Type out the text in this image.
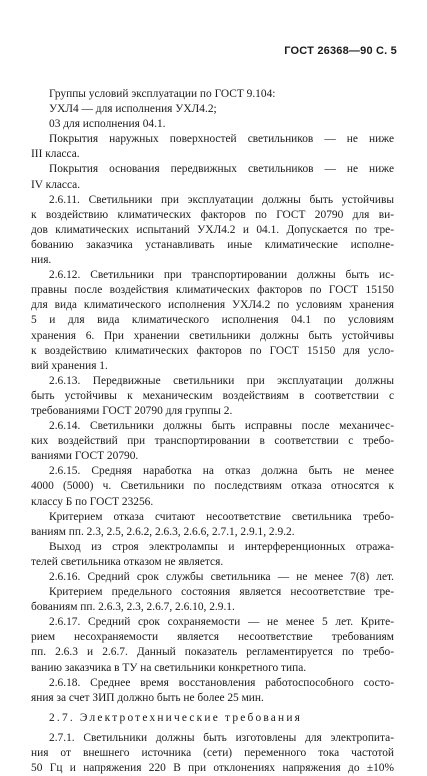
ГОСТ 26368—90 С. 5
Группы условий эксплуатации по ГОСТ 9.104:
УХЛ4 — для исполнения УХЛ4.2;
03 для исполнения 04.1.
Покрытия наружных поверхностей светильников — не ниже
III класса.
Покрытия основания передвижных светильников — не ниже
IV класса.
2.6.11. Светильники при эксплуатации должны быть устойчивы
к воздействию климатических факторов по ГОСТ 20790 для ви-
дов климатических испытаний УХЛ4.2 и 04.1. Допускается по тре-
бованию заказчика устанавливать иные климатические исполне-
ния.
2.6.12. Светильники при транспортировании должны быть ис-
правны после воздействия климатических факторов по ГОСТ 15150
для вида климатического исполнения УХЛ4.2 по условиям хранения
5 и для вида климатического исполнения 04.1 по условиям
хранения 6. При хранении светильники должны быть устойчивы
к воздействию климатических факторов по ГОСТ 15150 для усло-
вий хранения 1.
2.6.13. Передвижные светильники при эксплуатации должны
быть устойчивы к механическим воздействиям в соответствии с
требованиями ГОСТ 20790 для группы 2.
2.6.14. Светильники должны быть исправны после механичес-
ких воздействий при транспортировании в соответствии с требо-
ваниями ГОСТ 20790.
2.6.15. Средняя наработка на отказ должна быть не менее
4000 (5000) ч. Светильники по последствиям отказа относятся к
классу Б по ГОСТ 23256.
Критерием отказа считают несоответствие светильника требо-
ваниям пп. 2.3, 2.5, 2.6.2, 2.6.3, 2.6.6, 2.7.1, 2.9.1, 2.9.2.
Выход из строя электролампы и интерференционных отража-
телей светильника отказом не является.
2.6.16. Средний срок службы светильника — не менее 7(8) лет.
Критерием предельного состояния является несоответствие тре-
бованиям пп. 2.6.3, 2.3, 2.6.7, 2.6.10, 2.9.1.
2.6.17. Средний срок сохраняемости — не менее 5 лет. Крите-
рием несохраняемости является несоответствие требованиям
пп. 2.6.3 и 2.6.7. Данный показатель регламентируется по требо-
ванию заказчика в ТУ на светильники конкретного типа.
2.6.18. Среднее время восстановления работоспособного состо-
яния за счет ЗИП должно быть не более 25 мин.
2.7. Электротехнические требования
2.7.1. Светильники должны быть изготовлены для электропита-
ния от внешнего источника (сети) переменного тока частотой
50 Гц и напряжения 220 В при отклонениях напряжения до ±10%
